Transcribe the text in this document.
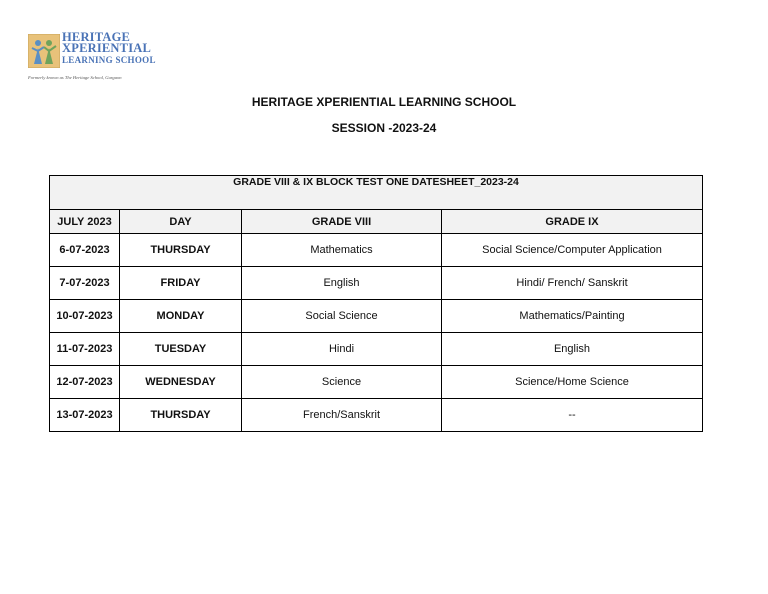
HERITAGE
XPERIENTIAL
LEARNING SCHOOL
Formerly known as The Heritage School, Gurgaon
HERITAGE XPERIENTIAL LEARNING SCHOOL
SESSION -2023-24
GRADE VIII & IX BLOCK TEST ONE DATESHEET_2023-24			
JULY 2023	DAY	GRADE VIII	GRADE IX
6-07-2023	THURSDAY	Mathematics	Social Science/Computer Application
7-07-2023	FRIDAY	English	Hindi/ French/ Sanskrit
10-07-2023	MONDAY	Social Science	Mathematics/Painting
11-07-2023	TUESDAY	Hindi	English
12-07-2023	WEDNESDAY	Science	Science/Home Science
13-07-2023	THURSDAY	French/Sanskrit	--
